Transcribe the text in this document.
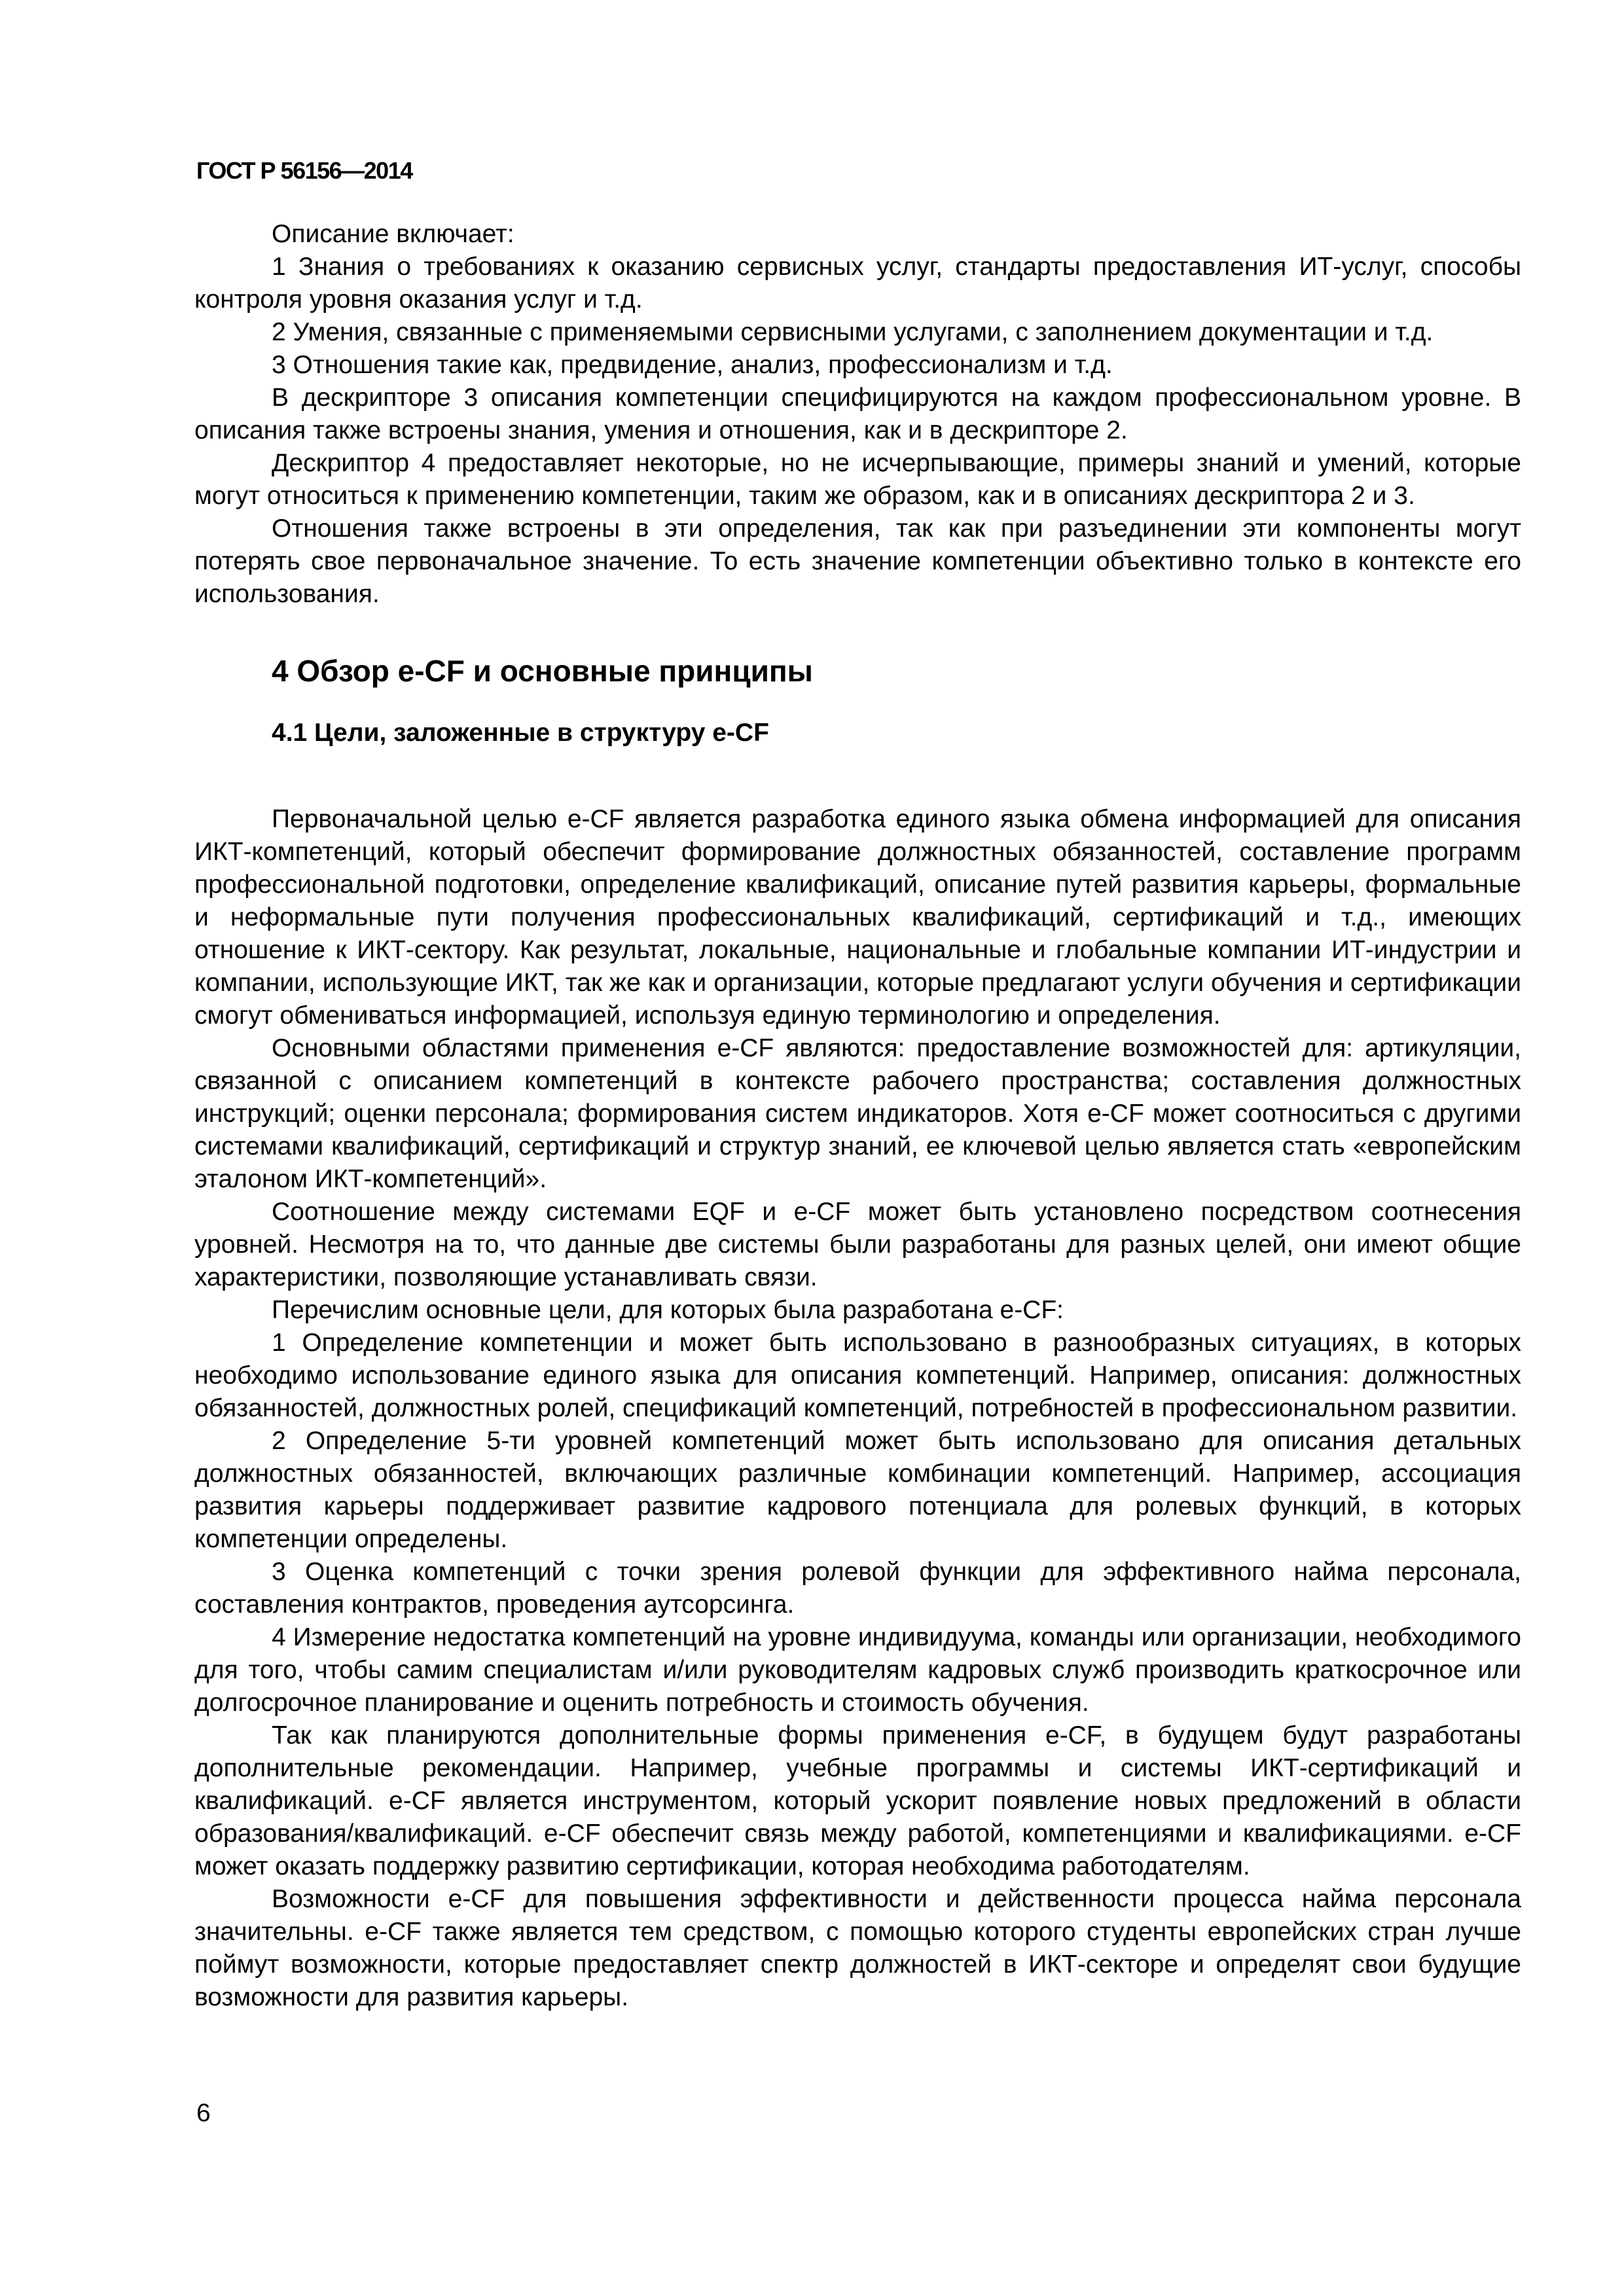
ГОСТ Р 56156—2014

Описание включает:

1 Знания о требованиях к оказанию сервисных услуг, стандарты предоставления ИТ-услуг, способы контроля уровня оказания услуг и т.д.

2 Умения, связанные с применяемыми сервисными услугами, с заполнением документации и т.д.

3 Отношения такие как, предвидение, анализ, профессионализм и т.д.

В дескрипторе 3 описания компетенции специфицируются на каждом профессиональном уровне. В описания также встроены знания, умения и отношения, как и в дескрипторе 2.

Дескриптор 4 предоставляет некоторые, но не исчерпывающие, примеры знаний и умений, которые могут относиться к применению компетенции, таким же образом, как и в описаниях дескриптора 2 и 3.

Отношения также встроены в эти определения, так как при разъединении эти компоненты могут потерять свое первоначальное значение. То есть значение компетенции объективно только в контексте его использования.

4 Обзор e-CF и основные принципы
4.1 Цели, заложенные в структуру e-CF

Первоначальной целью e-CF является разработка единого языка обмена информацией для описания ИКТ-компетенций, который обеспечит формирование должностных обязанностей, составление программ профессиональной подготовки, определение квалификаций, описание путей развития карьеры, формальные и неформальные пути получения профессиональных квалификаций, сертификаций и т.д., имеющих отношение к ИКТ-сектору. Как результат, локальные, национальные и глобальные компании ИТ-индустрии и компании, использующие ИКТ, так же как и организации, которые предлагают услуги обучения и сертификации смогут обмениваться информацией, используя единую терминологию и определения.

Основными областями применения e-CF являются: предоставление возможностей для: артикуляции, связанной с описанием компетенций в контексте рабочего пространства; составления должностных инструкций; оценки персонала; формирования систем индикаторов. Хотя e-CF может соотноситься с другими системами квалификаций, сертификаций и структур знаний, ее ключевой целью является стать «европейским эталоном ИКТ-компетенций».

Соотношение между системами EQF и e-CF может быть установлено посредством соотнесения уровней. Несмотря на то, что данные две системы были разработаны для разных целей, они имеют общие характеристики, позволяющие устанавливать связи.

Перечислим основные цели, для которых была разработана e-CF:

1 Определение компетенции и может быть использовано в разнообразных ситуациях, в которых необходимо использование единого языка для описания компетенций. Например, описания: должностных обязанностей, должностных ролей, спецификаций компетенций, потребностей в профессиональном развитии.

2 Определение 5-ти уровней компетенций может быть использовано для описания детальных должностных обязанностей, включающих различные комбинации компетенций. Например, ассоциация развития карьеры поддерживает развитие кадрового потенциала для ролевых функций, в которых компетенции определены.

3 Оценка компетенций с точки зрения ролевой функции для эффективного найма персонала, составления контрактов, проведения аутсорсинга.

4 Измерение недостатка компетенций на уровне индивидуума, команды или организации, необходимого для того, чтобы самим специалистам и/или руководителям кадровых служб производить краткосрочное или долгосрочное планирование и оценить потребность и стоимость обучения.

Так как планируются дополнительные формы применения e-CF, в будущем будут разработаны дополнительные рекомендации. Например, учебные программы и системы ИКТ-сертификаций и квалификаций. e-CF является инструментом, который ускорит появление новых предложений в области образования/квалификаций. e-CF обеспечит связь между работой, компетенциями и квалификациями. e-CF может оказать поддержку развитию сертификации, которая необходима работодателям.

Возможности e-CF для повышения эффективности и действенности процесса найма персонала значительны. e-CF также является тем средством, с помощью которого студенты европейских стран лучше поймут возможности, которые предоставляет спектр должностей в ИКТ-секторе и определят свои будущие возможности для развития карьеры.

6
